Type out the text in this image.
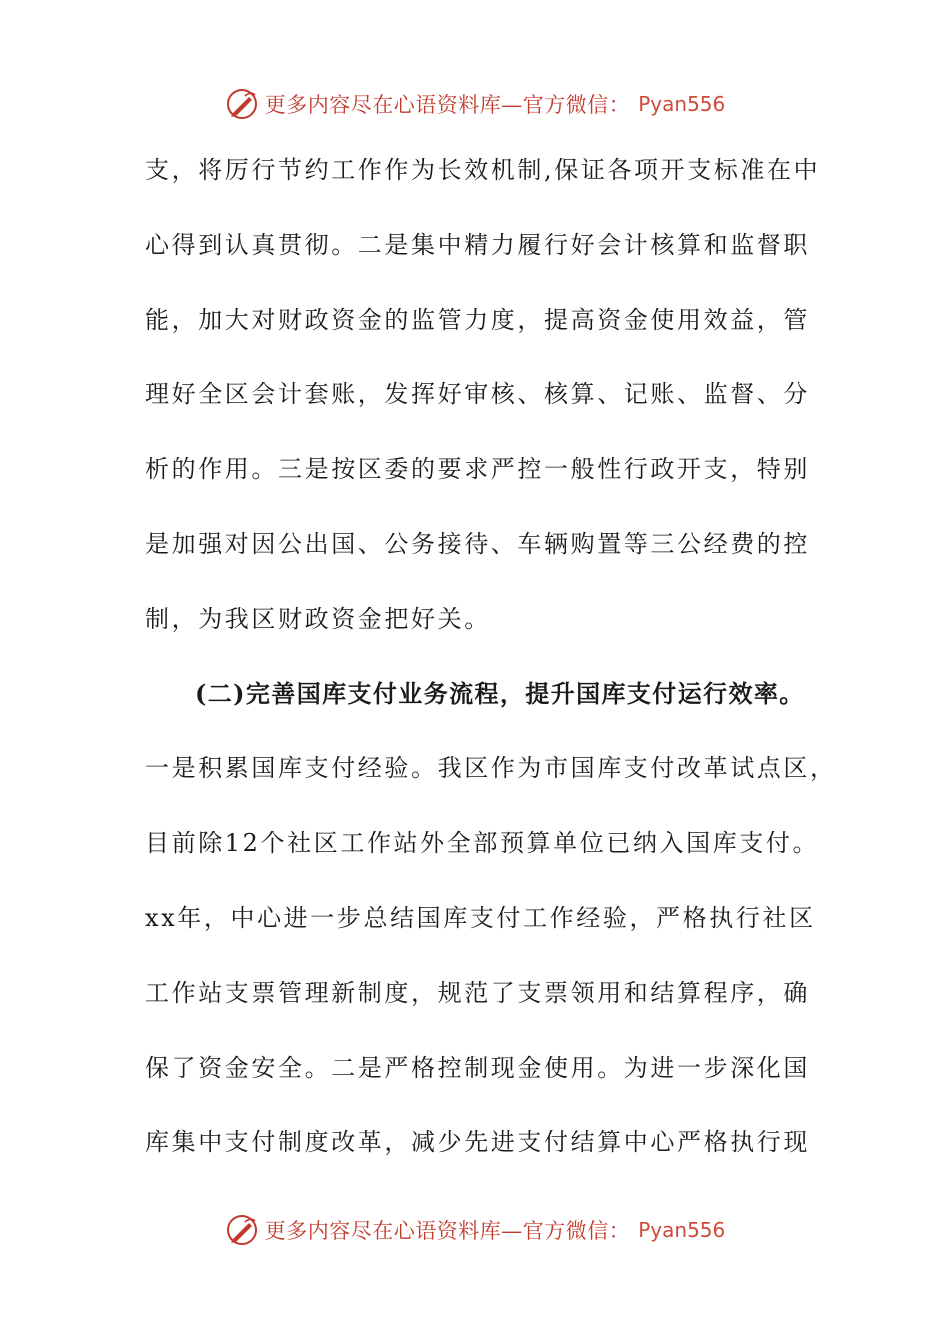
更多内容尽在心语资料库—官方微信： Pyan556
支，将厉行节约工作作为长效机制,保证各项开支标准在中
心得到认真贯彻。二是集中精力履行好会计核算和监督职
能，加大对财政资金的监管力度，提高资金使用效益，管
理好全区会计套账，发挥好审核、核算、记账、监督、分
析的作用。三是按区委的要求严控一般性行政开支，特别
是加强对因公出国、公务接待、车辆购置等三公经费的控
制，为我区财政资金把好关。
(二)完善国库支付业务流程，提升国库支付运行效率。
一是积累国库支付经验。我区作为市国库支付改革试点区，
目前除12个社区工作站外全部预算单位已纳入国库支付。
xx年，中心进一步总结国库支付工作经验，严格执行社区
工作站支票管理新制度，规范了支票领用和结算程序，确
保了资金安全。二是严格控制现金使用。为进一步深化国
库集中支付制度改革，减少先进支付结算中心严格执行现
更多内容尽在心语资料库—官方微信： Pyan556
